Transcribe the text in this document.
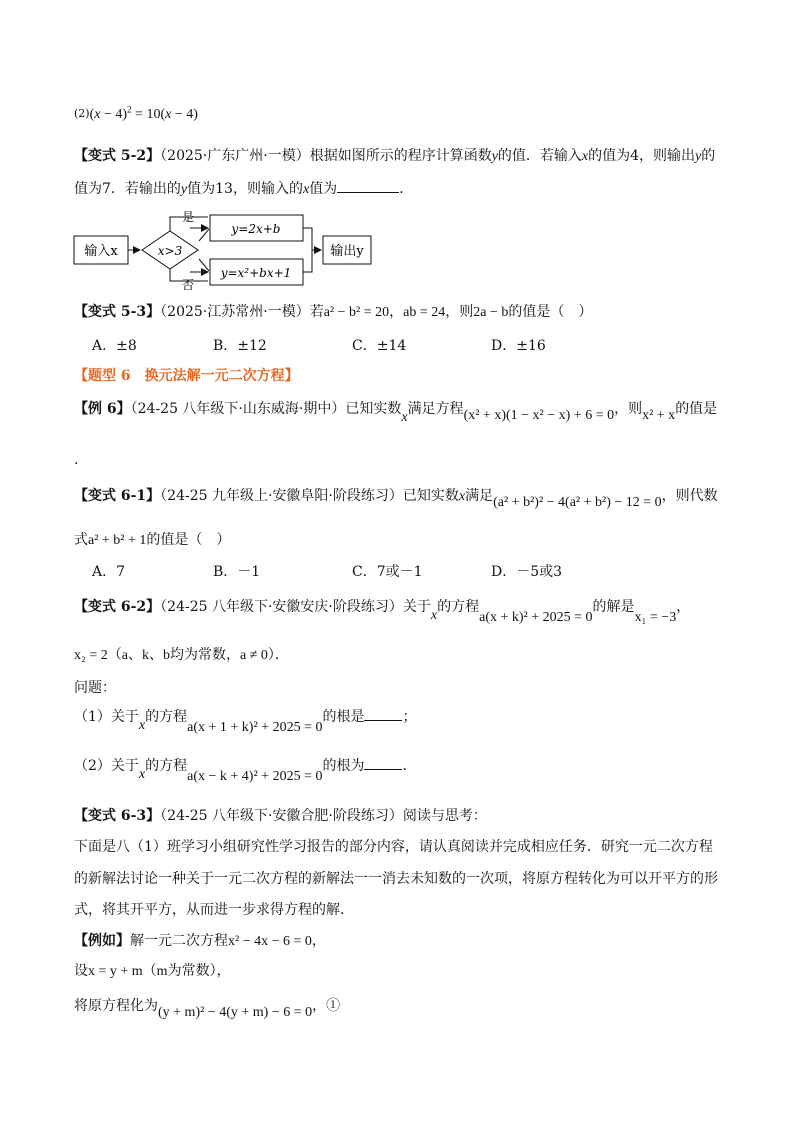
$^{(2)}(x - 4)^2 = 10(x - 4)$
【变式 5-2】（2025·广东广州·一模）根据如图所示的程序计算函数y的值．若输入x的值为4，则输出y的
值为7．若输出的y值为13，则输入的x值为	．
输入x	x>3
是
否
y=2x+b
y=x²+bx+1
输出y
【变式 5-3】（2025·江苏常州·一模）若a² − b² = 20，ab = 24，则2a − b的值是（　）
A．±8	B．±12	C．±14	D．±16
【题型 6　换元法解一元二次方程】
【例 6】（24-25 八年级下·山东威海·期中）已知实数x满足方程(x² + x)(1 − x² − x) + 6 = 0，则x² + x的值是
.
【变式 6-1】（24-25 九年级上·安徽阜阳·阶段练习）已知实数x满足(a² + b²)² − 4(a² + b²) − 12 = 0，则代数
式a² + b² + 1的值是（　）
A．7	B．－1	C．7或－1	D．－5或3
【变式 6-2】（24-25 八年级下·安徽安庆·阶段练习）关于x的方程a(x + k)² + 2025 = 0的解是x₁ = −3，
x₂ = 2（a、k、b均为常数，a ≠ 0）．
问题：
（1）关于x的方程a(x + 1 + k)² + 2025 = 0的根是	；
（2）关于x的方程a(x − k + 4)² + 2025 = 0的根为	．
【变式 6-3】（24-25 八年级下·安徽合肥·阶段练习）阅读与思考：
下面是八（1）班学习小组研究性学习报告的部分内容，请认真阅读并完成相应任务．研究一元二次方程
的新解法讨论一种关于一元二次方程的新解法一一消去未知数的一次项，将原方程转化为可以开平方的形
式，将其开平方，从而进一步求得方程的解．
【例如】解一元二次方程x² − 4x − 6 = 0，
设x = y + m（m为常数），
将原方程化为(y + m)² − 4(y + m) − 6 = 0，①
